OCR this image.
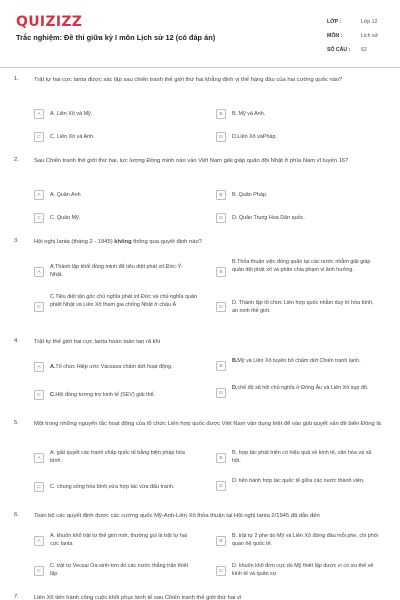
QUIZIZZ
Trắc nghiệm: Đề thi giữa kỳ I môn Lịch sử 12 (có đáp án)
LỚP :	Lớp 12
MÔN :	Lịch sử
SỐ CÂU :	62
1.	Trật tự hai cực Ianta được xác lập sau chiến tranh thế giới thứ hai khẳng định vị thế hàng đầu của hai cường quốc nào?
A	A. Liên Xô và Mỹ.	B	B. Mỹ và Anh.
C	C. Liên Xô và Anh.	D	D.Liên Xô vàPháp.
2.	Sau Chiến tranh thế giới thứ hai, lực lượng Đồng minh nào vào Việt Nam giải giáp quân đội Nhật ở phía Nam vĩ tuyến 16?
A	A. Quân Anh	B	B. Quân Pháp.
C	C. Quân Mỹ.	D	D. Quân Trung Hoa Dân quốc.
3.	Hội nghị Ianta (tháng 2 - 1945) không thông qua quyết định nào?
A
A.Thành lập khối đồng minh để tiêu diệt phát xít Đức-Ý-Nhật.	B
B.Thỏa thuận việc đóng quân tại các nước nhằm giải giáp quân đội phát xít và phân chia phạm vi ảnh hưởng.
C
C.Tiêu diệt tận gốc chủ nghĩa phát xít Đức và chủ nghĩa quân phiệt Nhật và Liên Xô tham gia chống Nhật ở châu Á	D
D. Thành lập tổ chức Liên hợp quốc nhằm duy trì hòa bình, an ninh thế giới.
4.	Trật tự thế giới hai cực Ianta hoàn toàn tan rã khi
A	A.Tổ chức Hiệp ước Vácsava chấm dứt hoạt động.	B
B.Mỹ và Liên Xô tuyên bố chấm dứt Chiến tranh lạnh.
C	C.Hội đồng tương trợ kinh tế (SEV) giải thể.	D
D.chế độ xã hội chủ nghĩa ở Đông Âu và Liên Xô sụp đổ.
5.	Một trong những nguyên tắc hoạt động của tổ chức Liên hợp quốc được Việt Nam vận dụng triệt để vào giải quyết vấn đề biển Đông là
A
A. giải quyết các tranh chấp quốc tế bằng biện pháp hòa bình.	B
B. hợp tác phát triển có hiệu quả về kinh tế, văn hóa và xã hội.
C	C. chung sống hòa bình,vừa hợp tác vừa đấu tranh.	D
D. tiến hành hợp tác quốc tế giữa các nước thành viên.
6.	Toàn bộ các quyết định được các cường quốc Mỹ-Anh-Liên Xô thỏa thuận tại Hội nghị Ianta 2/1945 đã dẫn đến
A
A. khuôn khổ trật tự thế giới mới, thường gọi là trật tự hai cực Ianta	B
B. trật tự 2 phe do Mỹ và Liên Xô đứng đầu mỗi phe, chi phối quan hệ quốc tế.
C
C. trật tự Vecsai Oa-sinh-tơn do các nước thắng trận thiết lập.	D
D. khuôn khổ đơn cực do Mỹ thiết lập được vì có ưu thế về kinh tế và quân sự
7.	Liên Xô tiến hành công cuộc khôi phục kinh tế sau Chiến tranh thế giới thứ hai vì
